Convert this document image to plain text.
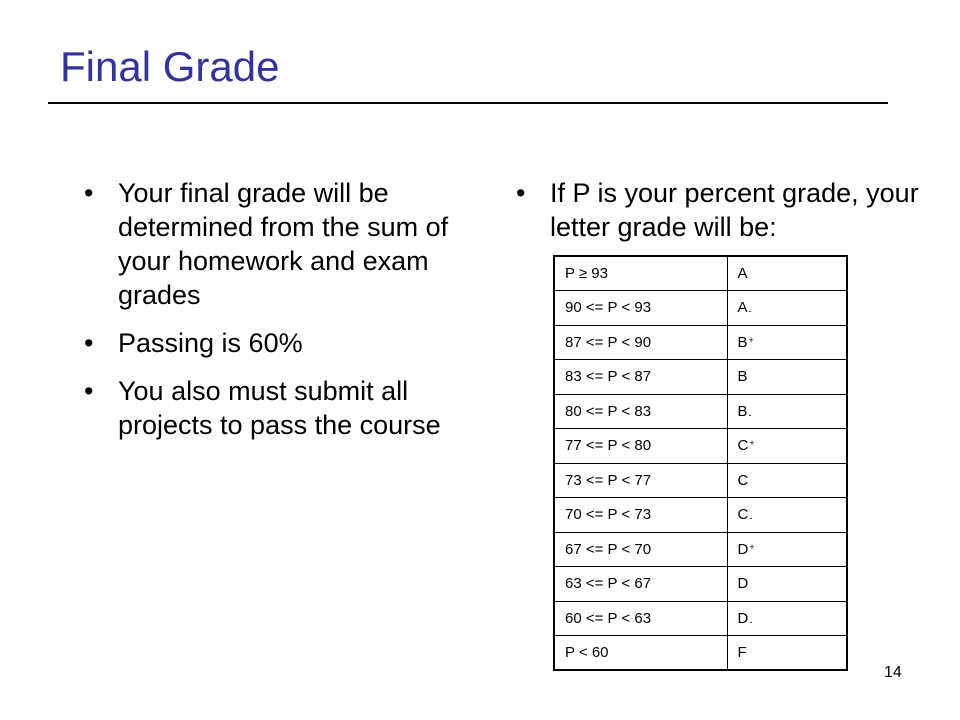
Final Grade
• Your final grade will be determined from the sum of your homework and exam grades
• Passing is 60%
• You also must submit all projects to pass the course
• If P is your percent grade, your letter grade will be:
P ≥ 93	A
90 <= P < 93	$A_-$
87 <= P < 90	B+
83 <= P < 87	B
80 <= P < 83	$B_-$
77 <= P < 80	C+
73 <= P < 77	C
70 <= P < 73	$C_-$
67 <= P < 70	D+
63 <= P < 67	D
60 <= P < 63	$D_-$
P < 60	F
14
